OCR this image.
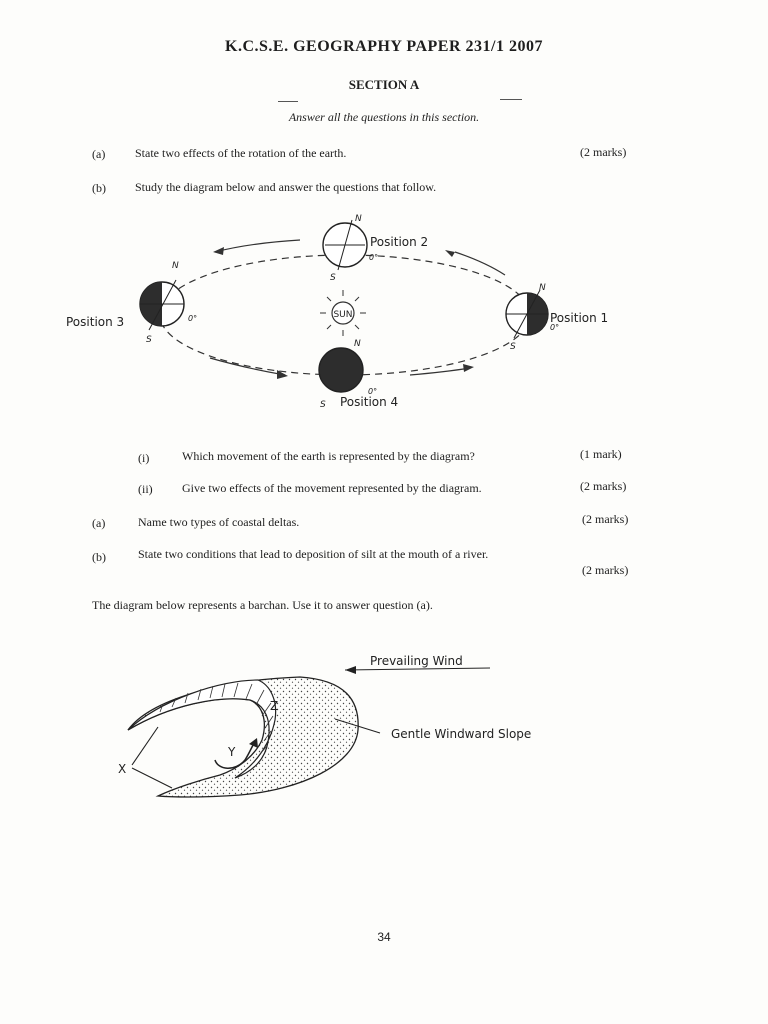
K.C.S.E. GEOGRAPHY PAPER 231/1 2007
SECTION A
Answer all the questions in this section.
(a) State two effects of the rotation of the earth.	(2 marks)
(b) Study the diagram below and answer the questions that follow.
SUN
N
S
0°
Position 2
N
S
0°
Position 3
N
S
0°
Position 1
N
S
0°
Position 4
(i)	Which movement of the earth is represented by the diagram?	(1 mark)
(ii) Give two effects of the movement represented by the diagram.	(2 marks)
(a)	Name two types of coastal deltas.	(2 marks)
(b)	State two conditions that lead to deposition of silt at the mouth of a river.
(2 marks)
The diagram below represents a barchan. Use it to answer question (a).
Prevailing Wind
Z
Y
X
Gentle Windward Slope
34
